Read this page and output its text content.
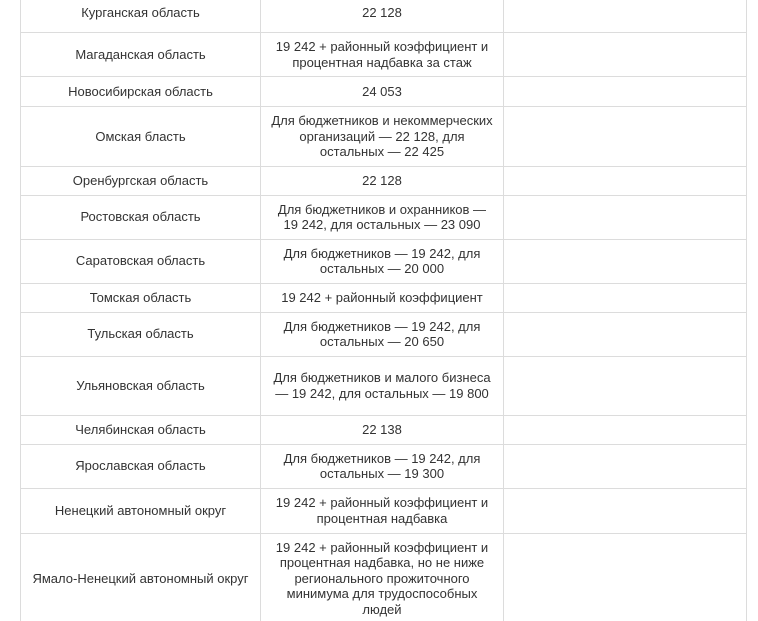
Курганская область	22 128	
Магаданская область	19 242 + районный коэффициент и процентная надбавка за стаж	
Новосибирская область	24 053	
Омская бласть	Для бюджетников и некоммерческих организаций — 22 128, для остальных — 22 425	
Оренбургская область	22 128	
Ростовская область	Для бюджетников и охранников — 19 242, для остальных — 23 090	
Саратовская область	Для бюджетников — 19 242, для остальных — 20 000	
Томская область	19 242 + районный коэффициент	
Тульская область	Для бюджетников — 19 242, для остальных — 20 650	
Ульяновская область	Для бюджетников и малого бизнеса — 19 242, для остальных — 19 800	
Челябинская область	22 138	
Ярославская область	Для бюджетников — 19 242, для остальных — 19 300	
Ненецкий автономный округ	19 242 + районный коэффициент и процентная надбавка	
Ямало-Ненецкий автономный округ	19 242 + районный коэффициент и процентная надбавка, но не ниже регионального прожиточного минимума для трудоспособных людей	
